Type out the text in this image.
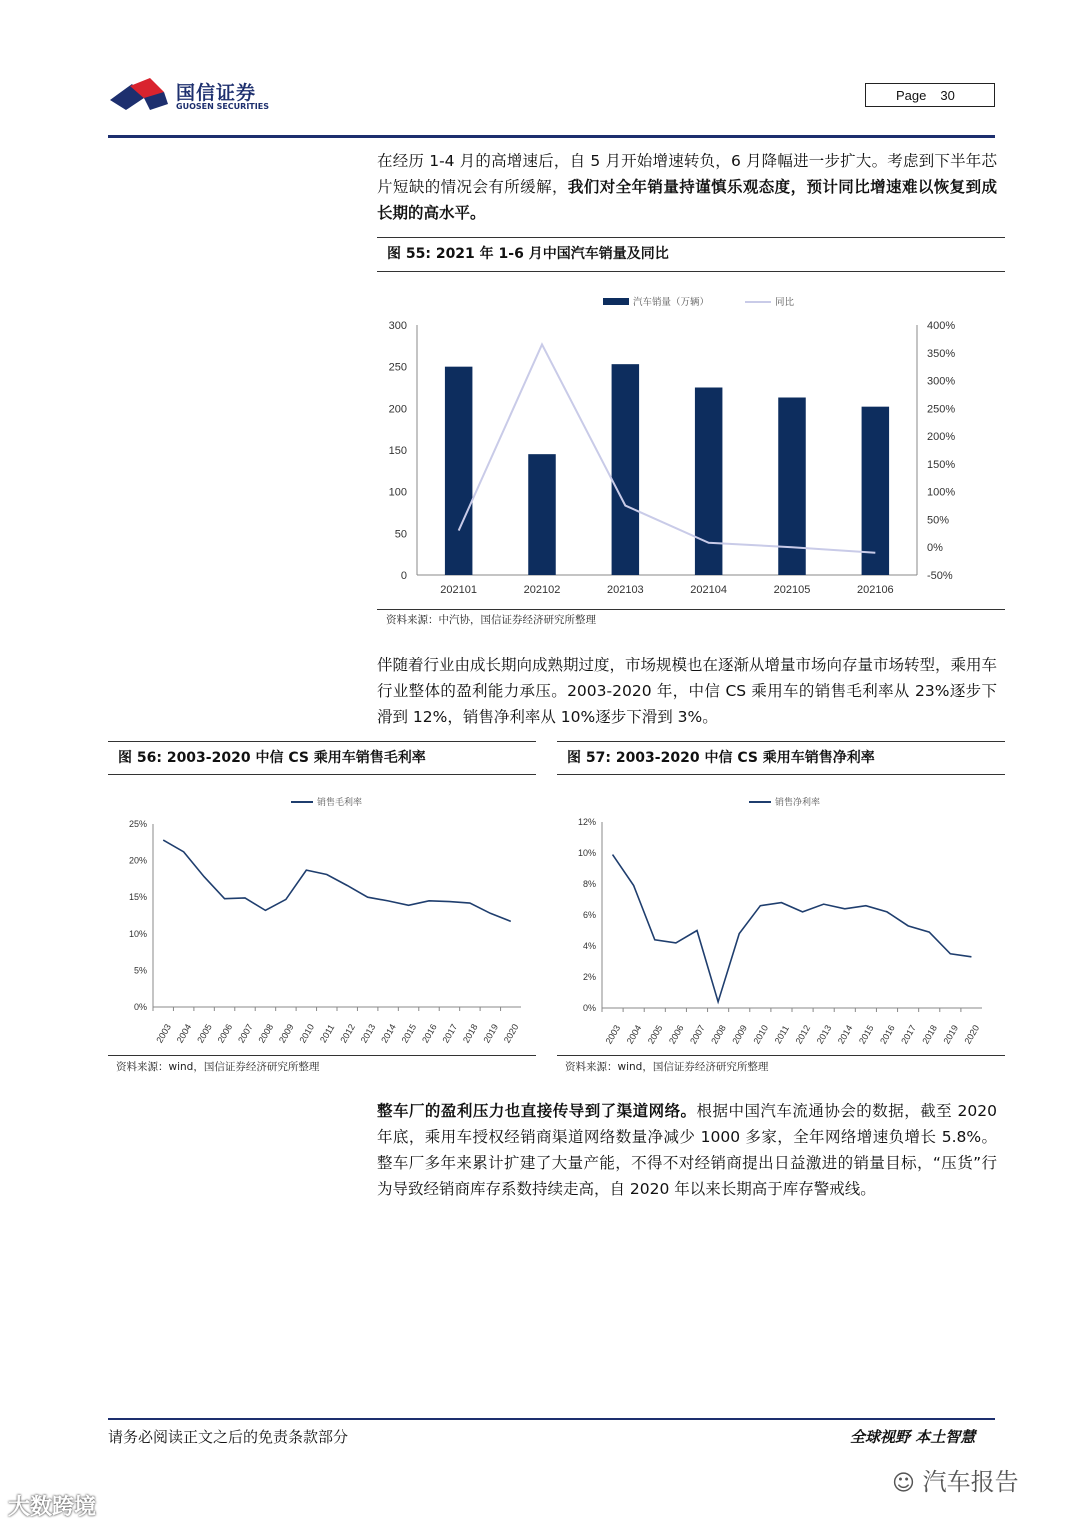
国信证券
GUOSEN SECURITIES
Page 30
在经历 1-4 月的高增速后，自 5 月开始增速转负，6 月降幅进一步扩大。考虑到下半年芯片短缺的情况会有所缓解，我们对全年销量持谨慎乐观态度，预计同比增速难以恢复到成长期的高水平。
图 55: 2021 年 1-6 月中国汽车销量及同比
0
50
100
150
200
250
300
-50%
0%
50%
100%
150%
200%
250%
300%
350%
400%
202101	202102	202103	202104	202105	202106
汽车销量（万辆）	同比
资料来源：中汽协，国信证券经济研究所整理
伴随着行业由成长期向成熟期过度，市场规模也在逐渐从增量市场向存量市场转型，乘用车行业整体的盈利能力承压。2003-2020 年，中信 CS 乘用车的销售毛利率从 23%逐步下滑到 12%，销售净利率从 10%逐步下滑到 3%。
图 56: 2003-2020 中信 CS 乘用车销售毛利率
0%
5%
10%
15%
20%
25%
2003 2004 2005 2006 2007 2008 2009 2010 2011 2012 2013 2014 2015 2016 2017 2018 2019 2020
销售毛利率
资料来源：wind，国信证券经济研究所整理
图 57: 2003-2020 中信 CS 乘用车销售净利率
0%
2%
4%
6%
8%
10%
12%
2003 2004 2005 2006 2007 2008 2009 2010 2011 2012 2013 2014 2015 2016 2017 2018 2019 2020
销售净利率
资料来源：wind，国信证券经济研究所整理
整车厂的盈利压力也直接传导到了渠道网络。根据中国汽车流通协会的数据，截至 2020 年底，乘用车授权经销商渠道网络数量净减少 1000 多家，全年网络增速负增长 5.8%。整车厂多年来累计扩建了大量产能，不得不对经销商提出日益激进的销量目标，“压货”行为导致经销商库存系数持续走高，自 2020 年以来长期高于库存警戒线。
请务必阅读正文之后的免责条款部分	全球视野 本土智慧
☺ 汽车报告
大数跨境
